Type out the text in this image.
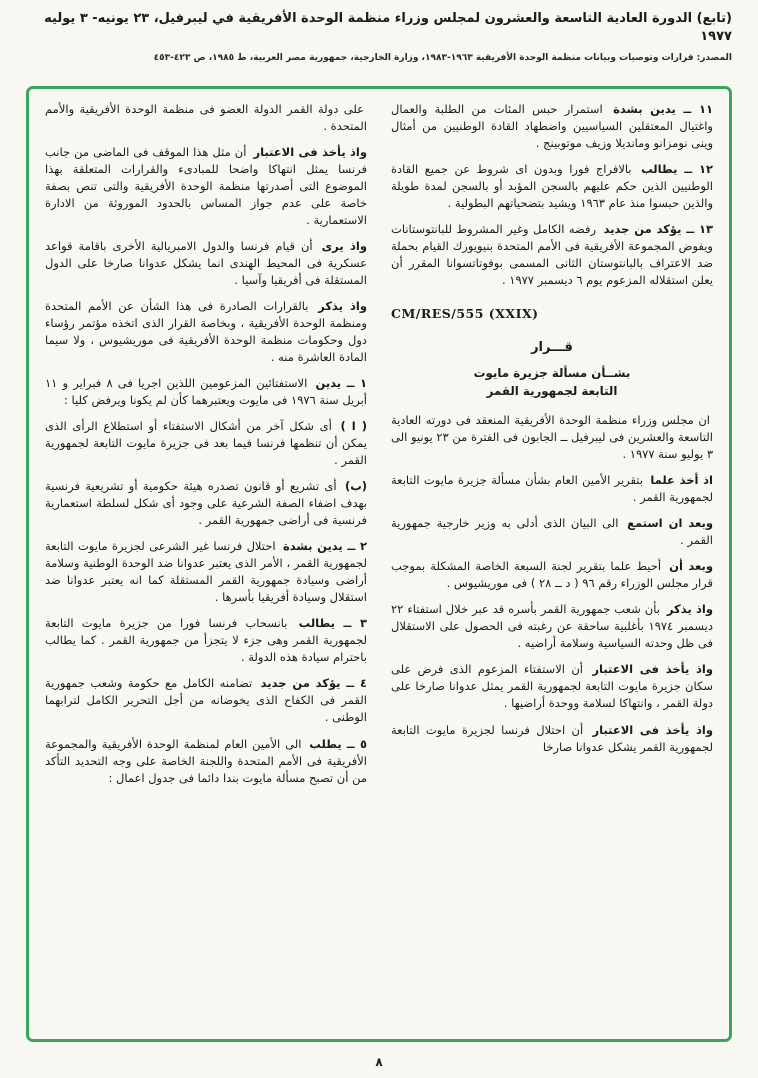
(تابع) الدورة العادية التاسعة والعشرون لمجلس وزراء منظمة الوحدة الأفريقية في ليبرفيل، ٢٣ يونيه- ٣ يوليه ١٩٧٧
المصدر: قرارات وتوصيات وبيانات منظمة الوحدة الأفريقية ١٩٦٣-١٩٨٣، وزارة الخارجية، جمهورية مصر العربية، ط ١٩٨٥، ص ٤٢٣-٤٥٣

١١ ــ يدين بشدة استمرار حبس المئات من الطلبة والعمال واغتيال المعتقلين السياسيين واضطهاد القادة الوطنيين من أمثال وينى نومزانو ومانديلا وزيف موتوبينج .

١٢ ــ يطالب بالافراج فورا وبدون اى شروط عن جميع القادة الوطنيين الذين حكم عليهم بالسجن المؤبد أو بالسجن لمدة طويلة والذين حبسوا منذ عام ١٩٦٣ ويشيد بتضحياتهم البطولية .

١٣ ــ يؤكد من جديد رفضه الكامل وغير المشروط للبانتوستانات ويفوض المجموعة الأفريقية فى الأمم المتحدة بنيويورك القيام بحملة ضد الاعتراف بالبانتوستان الثانى المسمى بوفوتاتسوانا المقرر أن يعلن استقلاله المزعوم يوم ٦ ديسمبر ١٩٧٧ .

CM/RES/555 (XXIX)
قـــرار
بشــأن مسألة جزيرة مايوت
التابعة لجمهورية القمر

ان مجلس وزراء منظمة الوحدة الأفريقية المنعقد فى دورته العادية التاسعة والعشرين فى ليبرفيل ــ الجابون فى الفترة من ٢٣ يونيو الى ٣ يوليو سنة ١٩٧٧ .

اذ أخذ علما بتقرير الأمين العام بشأن مسألة جزيرة مايوت التابعة لجمهورية القمر .

وبعد ان استمع الى البيان الذى أدلى به وزير خارجية جمهورية القمر .

وبعد أن أحيط علما بتقرير لجنة السبعة الخاصة المشكلة بموجب قرار مجلس الوزراء رقم ٩٦ ( د ــ ٢٨ ) فى موريشيوس .

واذ يذكر بأن شعب جمهورية القمر بأسره قد عبر خلال استفتاء ٢٢ ديسمبر ١٩٧٤ بأغلبية ساحقة عن رغبته فى الحصول على الاستقلال فى ظل وحدته السياسية وسلامة أراضيه .

واذ يأخذ فى الاعتبار أن الاستفتاء المزعوم الذى فرض على سكان جزيرة مايوت التابعة لجمهورية القمر يمثل عدوانا صارخا على دولة القمر ، وانتهاكا لسلامة ووحدة أراضيها .

واذ يأخذ فى الاعتبار أن احتلال فرنسا لجزيرة مايوت التابعة لجمهورية القمر يشكل عدوانا صارخا

على دولة القمر الدولة العضو فى منظمة الوحدة الأفريقية والأمم المتحدة .

واذ يأخذ فى الاعتبار أن مثل هذا الموقف فى الماضى من جانب فرنسا يمثل انتهاكا واضحا للمبادىء والقرارات المتعلقة بهذا الموضوع التى أصدرتها منظمة الوحدة الأفريقية والتى تنص بصفة خاصة على عدم جواز المساس بالحدود الموروثة من الادارة الاستعمارية .

واذ يرى أن قيام فرنسا والدول الامبريالية الأخرى باقامة قواعد عسكرية فى المحيط الهندى انما يشكل عدوانا صارخا على الدول المستقلة فى أفريقيا وآسيا .

واذ يذكر بالقرارات الصادرة فى هذا الشأن عن الأمم المتحدة ومنظمة الوحدة الأفريقية ، وبخاصة القرار الذى اتخذه مؤتمر رؤساء دول وحكومات منظمة الوحدة الأفريقية فى موريشيوس ، ولا سيما المادة العاشرة منه .

١ ــ يدين الاستفتائين المزعومين اللذين اجريا فى ٨ فبراير و ١١ أبريل سنة ١٩٧٦ فى مايوت ويعتبرهما كأن لم يكونا ويرفض كليا :

( ا ) أى شكل آخر من أشكال الاستفتاء أو استطلاع الرأى الذى يمكن أن تنظمها فرنسا فيما بعد فى جزيرة مايوت التابعة لجمهورية القمر .

(ب) أى تشريع أو قانون تصدره هيئة حكومية أو تشريعية فرنسية بهدف اضفاء الصفة الشرعية على وجود أى شكل لسلطة استعمارية فرنسية فى أراضى جمهورية القمر .

٢ ــ يدين بشدة احتلال فرنسا غير الشرعى لجزيرة مايوت التابعة لجمهورية القمر ، الأمر الذى يعتبر عدوانا ضد الوحدة الوطنية وسلامة أراضى وسيادة جمهورية القمر المستقلة كما انه يعتبر عدوانا ضد استقلال وسيادة أفريقيا بأسرها .

٣ ــ يطالب بانسحاب فرنسا فورا من جزيرة مايوت التابعة لجمهورية القمر وهى جزء لا يتجزأ من جمهورية القمر . كما يطالب باحترام سيادة هذه الدولة .

٤ ــ يؤكد من جديد تضامنه الكامل مع حكومة وشعب جمهورية القمر فى الكفاح الذى يخوضانه من أجل التحرير الكامل لترابهما الوطنى .

٥ ــ يطلب الى الأمين العام لمنظمة الوحدة الأفريقية والمجموعة الأفريقية فى الأمم المتحدة واللجنة الخاصة على وجه التحديد التأكد من أن تصبح مسألة مايوت بندا دائما فى جدول اعمال :

٨
